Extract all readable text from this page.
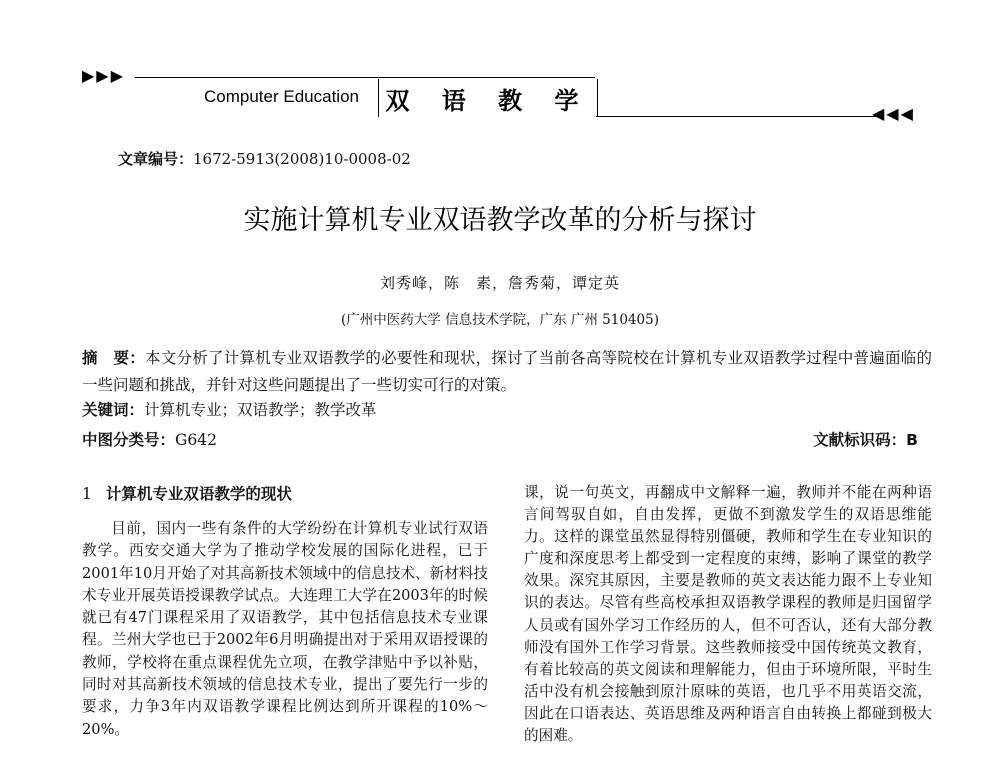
▶▶▶
Computer Education 双 语 教 学	◀◀◀
文章编号：1672-5913(2008)10-0008-02
实施计算机专业双语教学改革的分析与探讨
刘秀峰，陈　素，詹秀菊，谭定英
(广州中医药大学 信息技术学院，广东 广州 510405)
摘　要：本文分析了计算机专业双语教学的必要性和现状，探讨了当前各高等院校在计算机专业双语教学过程中普遍面临的一些问题和挑战，并针对这些问题提出了一些切实可行的对策。
关键词：计算机专业；双语教学；教学改革
中图分类号：G642	文献标识码：B
1 计算机专业双语教学的现状

目前，国内一些有条件的大学纷纷在计算机专业试行双语教学。西安交通大学为了推动学校发展的国际化进程，已于2001年10月开始了对其高新技术领域中的信息技术、新材料技术专业开展英语授课教学试点。大连理工大学在2003年的时候就已有47门课程采用了双语教学，其中包括信息技术专业课程。兰州大学也已于2002年6月明确提出对于采用双语授课的教师，学校将在重点课程优先立项，在教学津贴中予以补贴，同时对其高新技术领域的信息技术专业，提出了要先行一步的要求，力争3年内双语教学课程比例达到所开课程的10%～20%。

课，说一句英文，再翻成中文解释一遍，教师并不能在两种语言间驾驭自如，自由发挥，更做不到激发学生的双语思维能力。这样的课堂虽然显得特别僵硬，教师和学生在专业知识的广度和深度思考上都受到一定程度的束缚，影响了课堂的教学效果。深究其原因，主要是教师的英文表达能力跟不上专业知识的表达。尽管有些高校承担双语教学课程的教师是归国留学人员或有国外学习工作经历的人，但不可否认，还有大部分教师没有国外工作学习背景。这些教师接受中国传统英文教育，有着比较高的英文阅读和理解能力，但由于环境所限，平时生活中没有机会接触到原汁原味的英语，也几乎不用英语交流，因此在口语表达、英语思维及两种语言自由转换上都碰到极大的困难。
